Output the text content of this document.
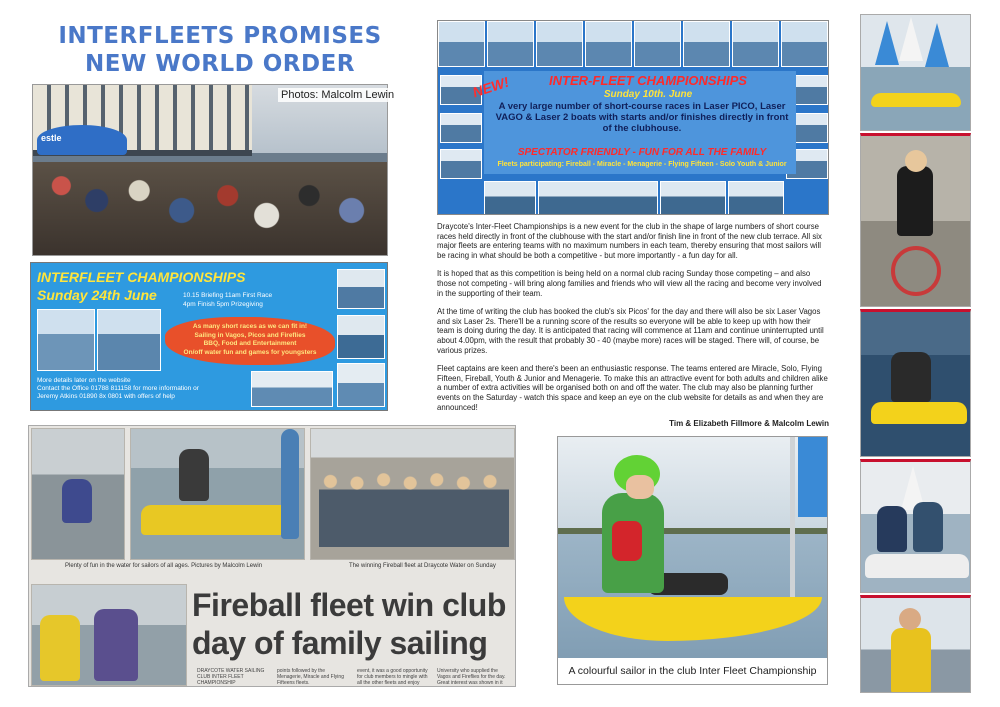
INTERFLEETS PROMISES
NEW WORLD ORDER
estle
Photos: Malcolm Lewin
INTERFLEET CHAMPIONSHIPS
Sunday 24th June	10.15 Briefing 11am First Race
4pm Finish 5pm Prizegiving
As many short races as we can fit in!
Sailing in Vagos, Picos and Fireflies
BBQ, Food and Entertainment
On/off water fun and games for youngsters
More details later on the website
Contact the Office 01788 811158 for more information or
Jeremy Atkins 01890 8x 0801 with offers of help
NEW!	INTER-FLEET CHAMPIONSHIPS
Sunday 10th. June
A very large number of short-course races in Laser PICO, Laser VAGO & Laser 2 boats with starts and/or finishes directly in front of the clubhouse.
SPECTATOR FRIENDLY - FUN FOR ALL THE FAMILY
Fleets participating: Fireball - Miracle - Menagerie - Flying Fifteen - Solo Youth & Junior

Draycote's Inter-Fleet Championships is a new event for the club in the shape of large numbers of short course races held directly in front of the clubhouse with the start and/or finish line in front of the new club terrace. All six major fleets are entering teams with no maximum numbers in each team, thereby ensuring that most sailors will be racing in what should be both a competitive - but more importantly - a fun day for all.

It is hoped that as this competition is being held on a normal club racing Sunday those competing – and also those not competing - will bring along families and friends who will view all the racing and become very involved in the supporting of their team.

At the time of writing the club has booked the club's six Picos' for the day and there will also be six Laser Vagos and six Laser 2s. There'll be a running score of the results so everyone will be able to keep up with how their team is doing during the day. It is anticipated that racing will commence at 11am and continue uninterrupted until about 4.00pm, with the result that probably 30 - 40 (maybe more) races will be staged. There will, of course, be various prizes.

Fleet captains are keen and there's been an enthusiastic response. The teams entered are Miracle, Solo, Flying Fifteen, Fireball, Youth & Junior and Menagerie. To make this an attractive event for both adults and children alike a number of extra activities will be organised both on and off the water. The club may also be planning further events on the Saturday - watch this space and keep an eye on the club website for details as and when they are announced!

Tim & Elizabeth Fillmore & Malcolm Lewin
Plenty of fun in the water for sailors of all ages. Pictures by Malcolm Lewin	The winning Fireball fleet at Draycote Water on Sunday
Fireball fleet win club day of family sailing
DRAYCOTE WATER SAILING CLUB INTER FLEET CHAMPIONSHIP
points followed by the Menagerie, Miracle and Flying Fifteens fleets.
event, it was a good opportunity for club members to mingle with all the other fleets and enjoy
University who supplied the Vagos and Fireflies for the day. Great interest was shown in it
A colourful sailor in the club Inter Fleet Championship
